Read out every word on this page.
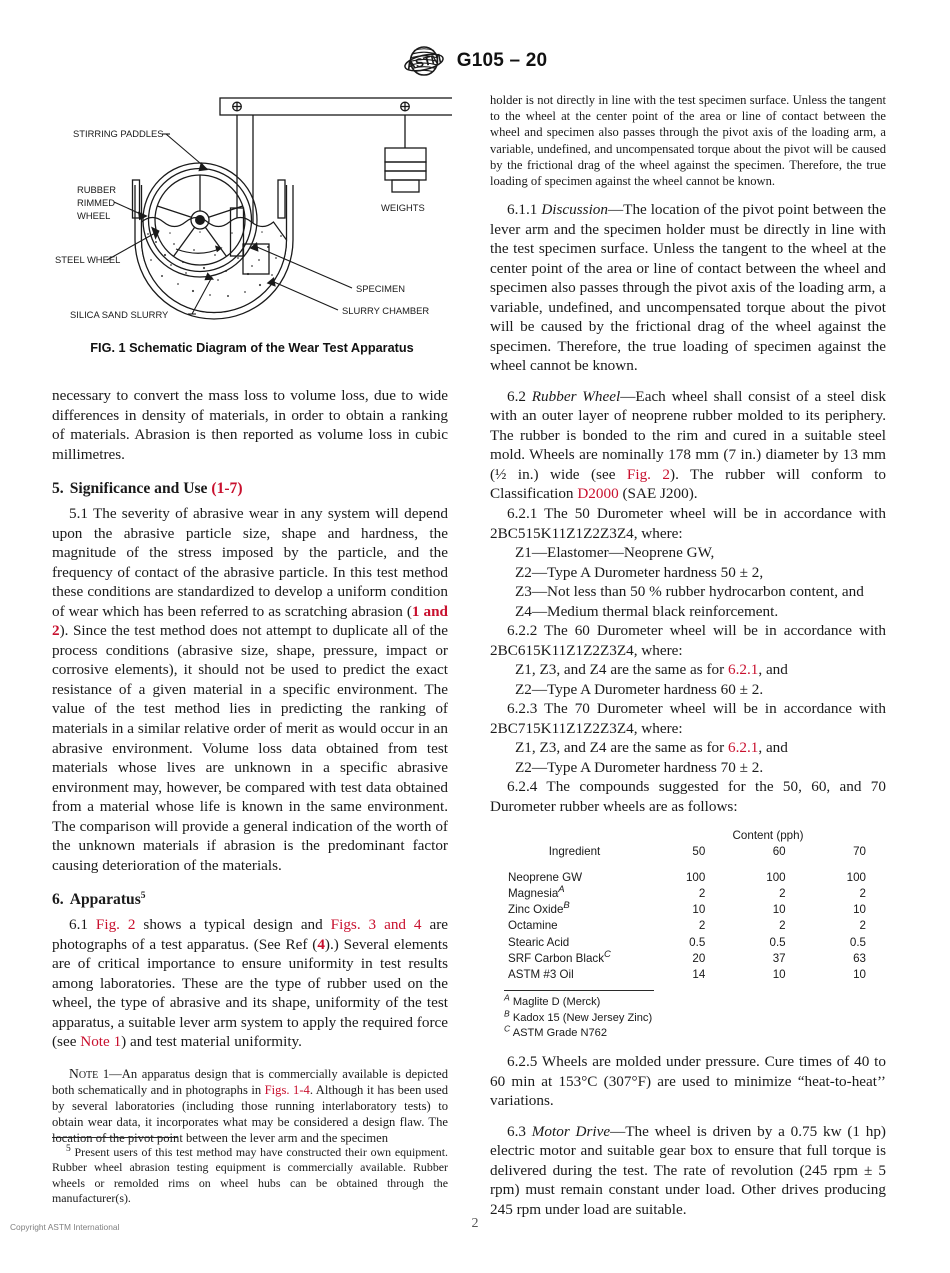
ASTM G105 – 20
STIRRING PADDLES
RUBBER
RIMMED
WHEEL
STEEL WHEEL
SILICA SAND SLURRY	SLURRY CHAMBER
SPECIMEN
WEIGHTS
FIG. 1 Schematic Diagram of the Wear Test Apparatus

necessary to convert the mass loss to volume loss, due to wide differences in density of materials, in order to obtain a ranking of materials. Abrasion is then reported as volume loss in cubic millimetres.

5. Significance and Use (1-7)

5.1 The severity of abrasive wear in any system will depend upon the abrasive particle size, shape and hardness, the magnitude of the stress imposed by the particle, and the frequency of contact of the abrasive particle. In this test method these conditions are standardized to develop a uniform condition of wear which has been referred to as scratching abrasion (1 and 2). Since the test method does not attempt to duplicate all of the process conditions (abrasive size, shape, pressure, impact or corrosive elements), it should not be used to predict the exact resistance of a given material in a specific environment. The value of the test method lies in predicting the ranking of materials in a similar relative order of merit as would occur in an abrasive environment. Volume loss data obtained from test materials whose lives are unknown in a specific abrasive environment may, however, be compared with test data obtained from a material whose life is known in the same environment. The comparison will provide a general indication of the worth of the unknown materials if abrasion is the predominant factor causing deterioration of the materials.

6. Apparatus$^5$

6.1 Fig. 2 shows a typical design and Figs. 3 and 4 are photographs of a test apparatus. (See Ref (4).) Several elements are of critical importance to ensure uniformity in test results among laboratories. These are the type of rubber used on the wheel, the type of abrasive and its shape, uniformity of the test apparatus, a suitable lever arm system to apply the required force (see Note 1) and test material uniformity.

Note 1—An apparatus design that is commercially available is depicted both schematically and in photographs in Figs. 1-4. Although it has been used by several laboratories (including those running interlaboratory tests) to obtain wear data, it incorporates what may be considered a design flaw. The location of the pivot point between the lever arm and the specimen

$^5$ Present users of this test method may have constructed their own equipment. Rubber wheel abrasion testing equipment is commercially available. Rubber wheels or remolded rims on wheel hubs can be obtained through the manufacturer(s).

holder is not directly in line with the test specimen surface. Unless the tangent to the wheel at the center point of the area or line of contact between the wheel and specimen also passes through the pivot axis of the loading arm, a variable, undefined, and uncompensated torque about the pivot will be caused by the frictional drag of the wheel against the specimen. Therefore, the true loading of specimen against the wheel cannot be known.

6.1.1 Discussion—The location of the pivot point between the lever arm and the specimen holder must be directly in line with the test specimen surface. Unless the tangent to the wheel at the center point of the area or line of contact between the wheel and specimen also passes through the pivot axis of the loading arm, a variable, undefined, and uncompensated torque about the pivot will be caused by the frictional drag of the wheel against the specimen. Therefore, the true loading of specimen against the wheel cannot be known.

6.2 Rubber Wheel—Each wheel shall consist of a steel disk with an outer layer of neoprene rubber molded to its periphery. The rubber is bonded to the rim and cured in a suitable steel mold. Wheels are nominally 178 mm (7 in.) diameter by 13 mm (½ in.) wide (see Fig. 2). The rubber will conform to Classification D2000 (SAE J200).

6.2.1 The 50 Durometer wheel will be in accordance with 2BC515K11Z1Z2Z3Z4, where:

Z1—Elastomer—Neoprene GW,
Z2—Type A Durometer hardness 50 ± 2,
Z3—Not less than 50 % rubber hydrocarbon content, and
Z4—Medium thermal black reinforcement.

6.2.2 The 60 Durometer wheel will be in accordance with 2BC615K11Z1Z2Z3Z4, where:

Z1, Z3, and Z4 are the same as for 6.2.1, and
Z2—Type A Durometer hardness 60 ± 2.

6.2.3 The 70 Durometer wheel will be in accordance with 2BC715K11Z1Z2Z3Z4, where:

Z1, Z3, and Z4 are the same as for 6.2.1, and
Z2—Type A Durometer hardness 70 ± 2.

6.2.4 The compounds suggested for the 50, 60, and 70 Durometer rubber wheels are as follows:

Content (pph)
Ingredient	50	60	70

Neoprene GW	100	100	100
Magnesia$^A$	2	2	2
Zinc Oxide$^B$	10	10	10
Octamine	2	2	2
Stearic Acid	0.5	0.5	0.5
SRF Carbon Black$^C$	20	37	63
ASTM #3 Oil	14	10	10
$^A$ Maglite D (Merck)
$^B$ Kadox 15 (New Jersey Zinc)
$^C$ ASTM Grade N762

6.2.5 Wheels are molded under pressure. Cure times of 40 to 60 min at 153°C (307°F) are used to minimize “heat-to-heat’’ variations.

6.3 Motor Drive—The wheel is driven by a 0.75 kw (1 hp) electric motor and suitable gear box to ensure that full torque is delivered during the test. The rate of revolution (245 rpm ± 5 rpm) must remain constant under load. Other drives producing 245 rpm under load are suitable.

Copyright ASTM International	2
